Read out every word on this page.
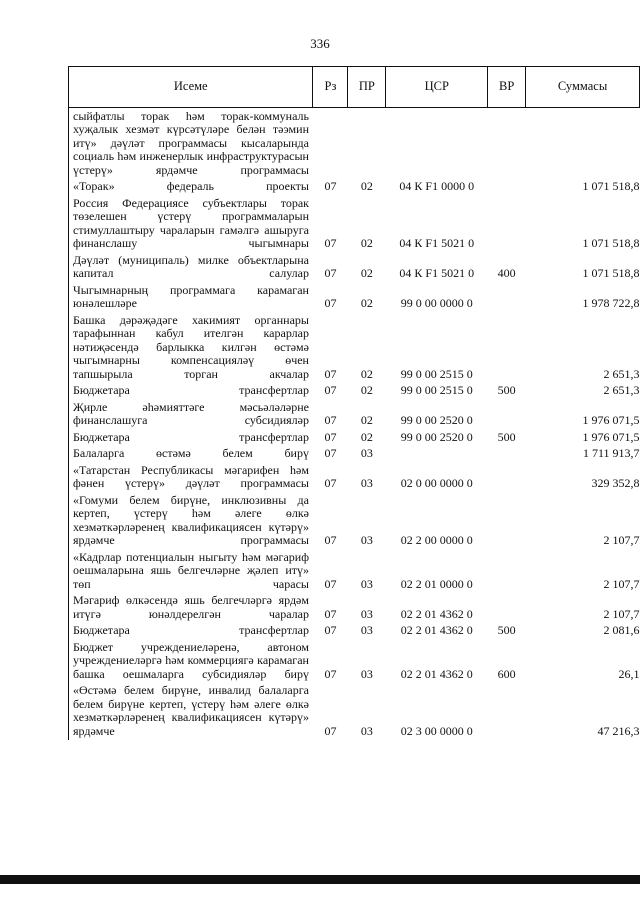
336
Исеме	Рз	ПР	ЦСР	ВР	Суммасы
сыйфатлы торак һәм торак-коммуналь хуҗалык хезмәт күрсәтүләре белән тәэмин итү» дәүләт программасы кысаларында социаль һәм инженерлык инфраструктурасын үстерү» ярдәмче программасы					
«Торак» федераль проекты	07	02	04 К F1 0000 0		1 071 518,8
Россия Федерациясе субъектлары торак төзелешен үстерү программаларын стимуллаштыру чараларын гамәлгә ашыруга финанслашу чыгымнары	07	02	04 К F1 5021 0		1 071 518,8
Дәүләт (муниципаль) милке объектларына капитал салулар	07	02	04 К F1 5021 0	400	1 071 518,8
Чыгымнарның программага карамаган юнәлешләре	07	02	99 0 00 0000 0		1 978 722,8
Башка дәрәҗәдәге хакимият органнары тарафыннан кабул ителгән карарлар нәтиҗәсендә барлыкка килгән өстәмә чыгымнарны компенсацияләү өчен тапшырыла торган акчалар	07	02	99 0 00 2515 0		2 651,3
Бюджетара трансфертлар	07	02	99 0 00 2515 0	500	2 651,3
Җирле әһәмияттәге мәсьәләләрне финанслашуга субсидияләр	07	02	99 0 00 2520 0		1 976 071,5
Бюджетара трансфертлар	07	02	99 0 00 2520 0	500	1 976 071,5
Балаларга өстәмә белем бирү	07	03			1 711 913,7
«Татарстан Республикасы мәгарифен һәм фәнен үстерү» дәүләт программасы	07	03	02 0 00 0000 0		329 352,8
«Гомуми белем бирүне, инклюзивны да кертеп, үстерү һәм әлеге өлкә хезмәткәрләренең квалификациясен күтәрү» ярдәмче программасы	07	03	02 2 00 0000 0		2 107,7
«Кадрлар потенциалын ныгыту һәм мәгариф оешмаларына яшь белгечләрне җәлеп итү» төп чарасы	07	03	02 2 01 0000 0		2 107,7
Мәгариф өлкәсендә яшь белгечләргә ярдәм итүгә юнәлдерелгән чаралар	07	03	02 2 01 4362 0		2 107,7
Бюджетара трансфертлар	07	03	02 2 01 4362 0	500	2 081,6
Бюджет учреждениеләренә, автоном учреждениеләргә һәм коммерциягә карамаган башка оешмаларга субсидияләр бирү	07	03	02 2 01 4362 0	600	26,1
«Өстәмә белем бирүне, инвалид балаларга белем бирүне кертеп, үстерү һәм әлеге өлкә хезмәткәрләренең квалификациясен күтәрү» ярдәмче	07	03	02 3 00 0000 0		47 216,3
